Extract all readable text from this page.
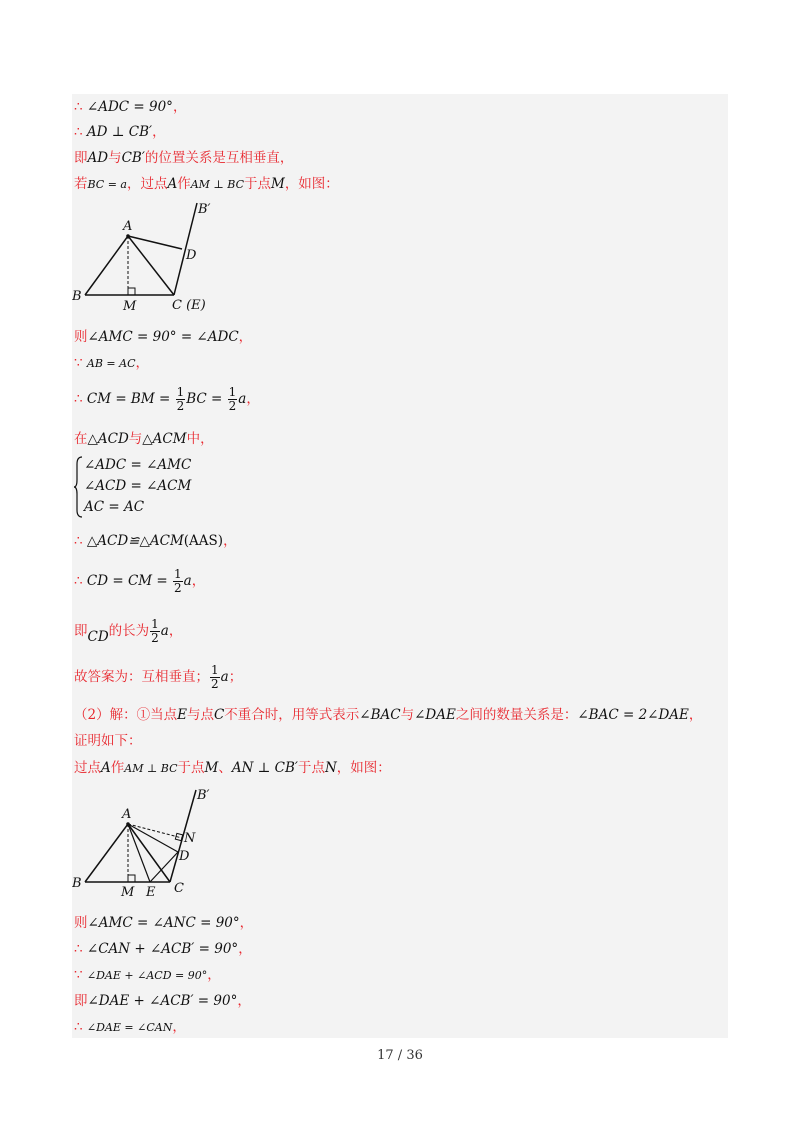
∴ ∠ADC = 90°，
∴ AD ⊥ CB′，
即AD与CB′的位置关系是互相垂直，
若BC = a，过点A作AM ⊥ BC于点M，如图：
A
B
M	C (E)
D
B′
则∠AMC = 90° = ∠ADC，
∵ AB = AC，
∴ CM = BM = $\frac{1}{2}$ BC = $\frac{1}{2}$ a，
在△ACD与△ACM中，
∠ADC = ∠AMC
∠ACD = ∠ACM
AC = AC
∴ △ACD≌△ACM(AAS)，
∴ CD = CM = $\frac{1}{2}$ a，
即CD的长为 $\frac{1}{2}$ a，
故答案为：互相垂直； $\frac{1}{2}$ a；
（2）解：①当点E与点C不重合时，用等式表示∠BAC与∠DAE之间的数量关系是：∠BAC = 2∠DAE，
证明如下：
过点A作AM ⊥ BC于点M、AN ⊥ CB′于点N，如图：
A
B
M E C
D
N
B′
则∠AMC = ∠ANC = 90°，
∴ ∠CAN + ∠ACB′ = 90°，
∵ ∠DAE + ∠ACD = 90°，
即∠DAE + ∠ACB′ = 90°，
∴ ∠DAE = ∠CAN，
17 / 36
